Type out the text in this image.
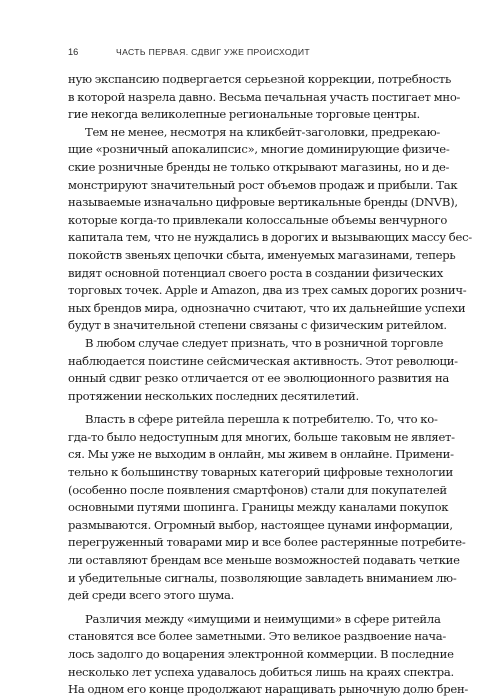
16	ЧАСТЬ ПЕРВАЯ. СДВИГ УЖЕ ПРОИСХОДИТ
ную экспансию подвергается серьезной коррекции, потребность
в которой назрела давно. Весьма печальная участь постигает мно-
гие некогда великолепные региональные торговые центры.
Тем не менее, несмотря на кликбейт-заголовки, предрекаю-
щие «розничный апокалипсис», многие доминирующие физиче-
ские розничные бренды не только открывают магазины, но и де-
монстрируют значительный рост объемов продаж и прибыли. Так
называемые изначально цифровые вертикальные бренды (DNVB),
которые когда-то привлекали колоссальные объемы венчурного
капитала тем, что не нуждались в дорогих и вызывающих массу бес-
покойств звеньях цепочки сбыта, именуемых магазинами, теперь
видят основной потенциал своего роста в создании физических
торговых точек. Apple и Amazon, два из трех самых дорогих рознич-
ных брендов мира, однозначно считают, что их дальнейшие успехи
будут в значительной степени связаны с физическим ритейлом.
В любом случае следует признать, что в розничной торговле
наблюдается поистине сейсмическая активность. Этот революци-
онный сдвиг резко отличается от ее эволюционного развития на
протяжении нескольких последних десятилетий.
Власть в сфере ритейла перешла к потребителю. То, что ко-
гда-то было недоступным для многих, больше таковым не являет-
ся. Мы уже не выходим в онлайн, мы живем в онлайне. Примени-
тельно к большинству товарных категорий цифровые технологии
(особенно после появления смартфонов) стали для покупателей
основными путями шопинга. Границы между каналами покупок
размываются. Огромный выбор, настоящее цунами информации,
перегруженный товарами мир и все более растерянные потребите-
ли оставляют брендам все меньше возможностей подавать четкие
и убедительные сигналы, позволяющие завладеть вниманием лю-
дей среди всего этого шума.
Различия между «имущими и неимущими» в сфере ритейла
становятся все более заметными. Это великое раздвоение нача-
лось задолго до воцарения электронной коммерции. В последние
несколько лет успеха удавалось добиться лишь на краях спектра.
На одном его конце продолжают наращивать рыночную долю брен-
